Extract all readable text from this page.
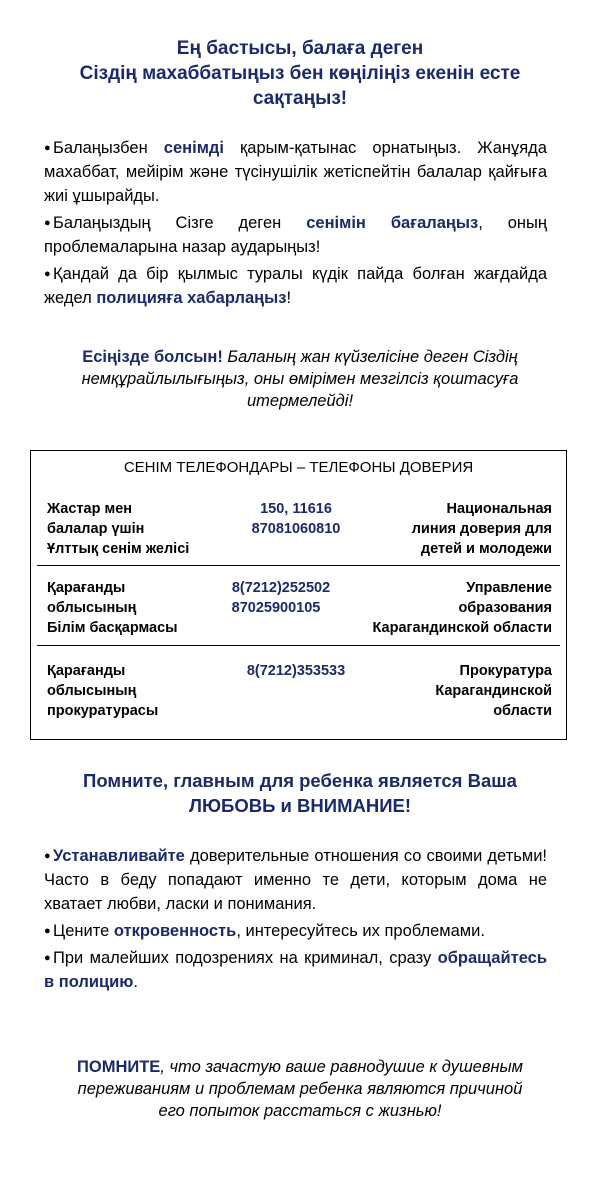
Ең бастысы, балаға деген
Сіздің махаббатыңыз бен көңіліңіз екенін есте
сақтаңыз!
● Балаңызбен сенімді қарым-қатынас орнатыңыз. Жанұяда махаббат, мейірім және түсінушілік жетіспейтін балалар қайғыға жиі ұшырайды.
● Балаңыздың Сізге деген сенімін бағалаңыз, оның проблемаларына назар аударыңыз!
● Қандай да бір қылмыс туралы күдік пайда болған жағдайда жедел полицияға хабарлаңыз!
Есіңізде болсын! Баланың жан күйзелісіне деген Сіздің немқұрайлылығыңыз, оны өмірімен мезгілсіз қоштасуға итермелейді!
СЕНІМ ТЕЛЕФОНДАРЫ – ТЕЛЕФОНЫ ДОВЕРИЯ
Жастар мен
балалар үшін
Ұлттық сенім желісі
150, 11616
87081060810
Национальная
линия доверия для
детей и молодежи
Қарағанды
облысының
Білім басқармасы
8(7212)252502
87025900105
Управление
образования
Карагандинской области
Қарағанды
облысының
прокуратурасы
8(7212)353533	Прокуратура
Карагандинской
области
Помните, главным для ребенка является Ваша
ЛЮБОВЬ и ВНИМАНИЕ!
● Устанавливайте доверительные отношения со своими детьми! Часто в беду попадают именно те дети, которым дома не хватает любви, ласки и понимания.
● Цените откровенность, интересуйтесь их проблемами.
● При малейших подозрениях на криминал, сразу обращайтесь в полицию.
ПОМНИТЕ, что зачастую ваше равнодушие к душевным переживаниям и проблемам ребенка являются причиной его попыток расстаться с жизнью!
